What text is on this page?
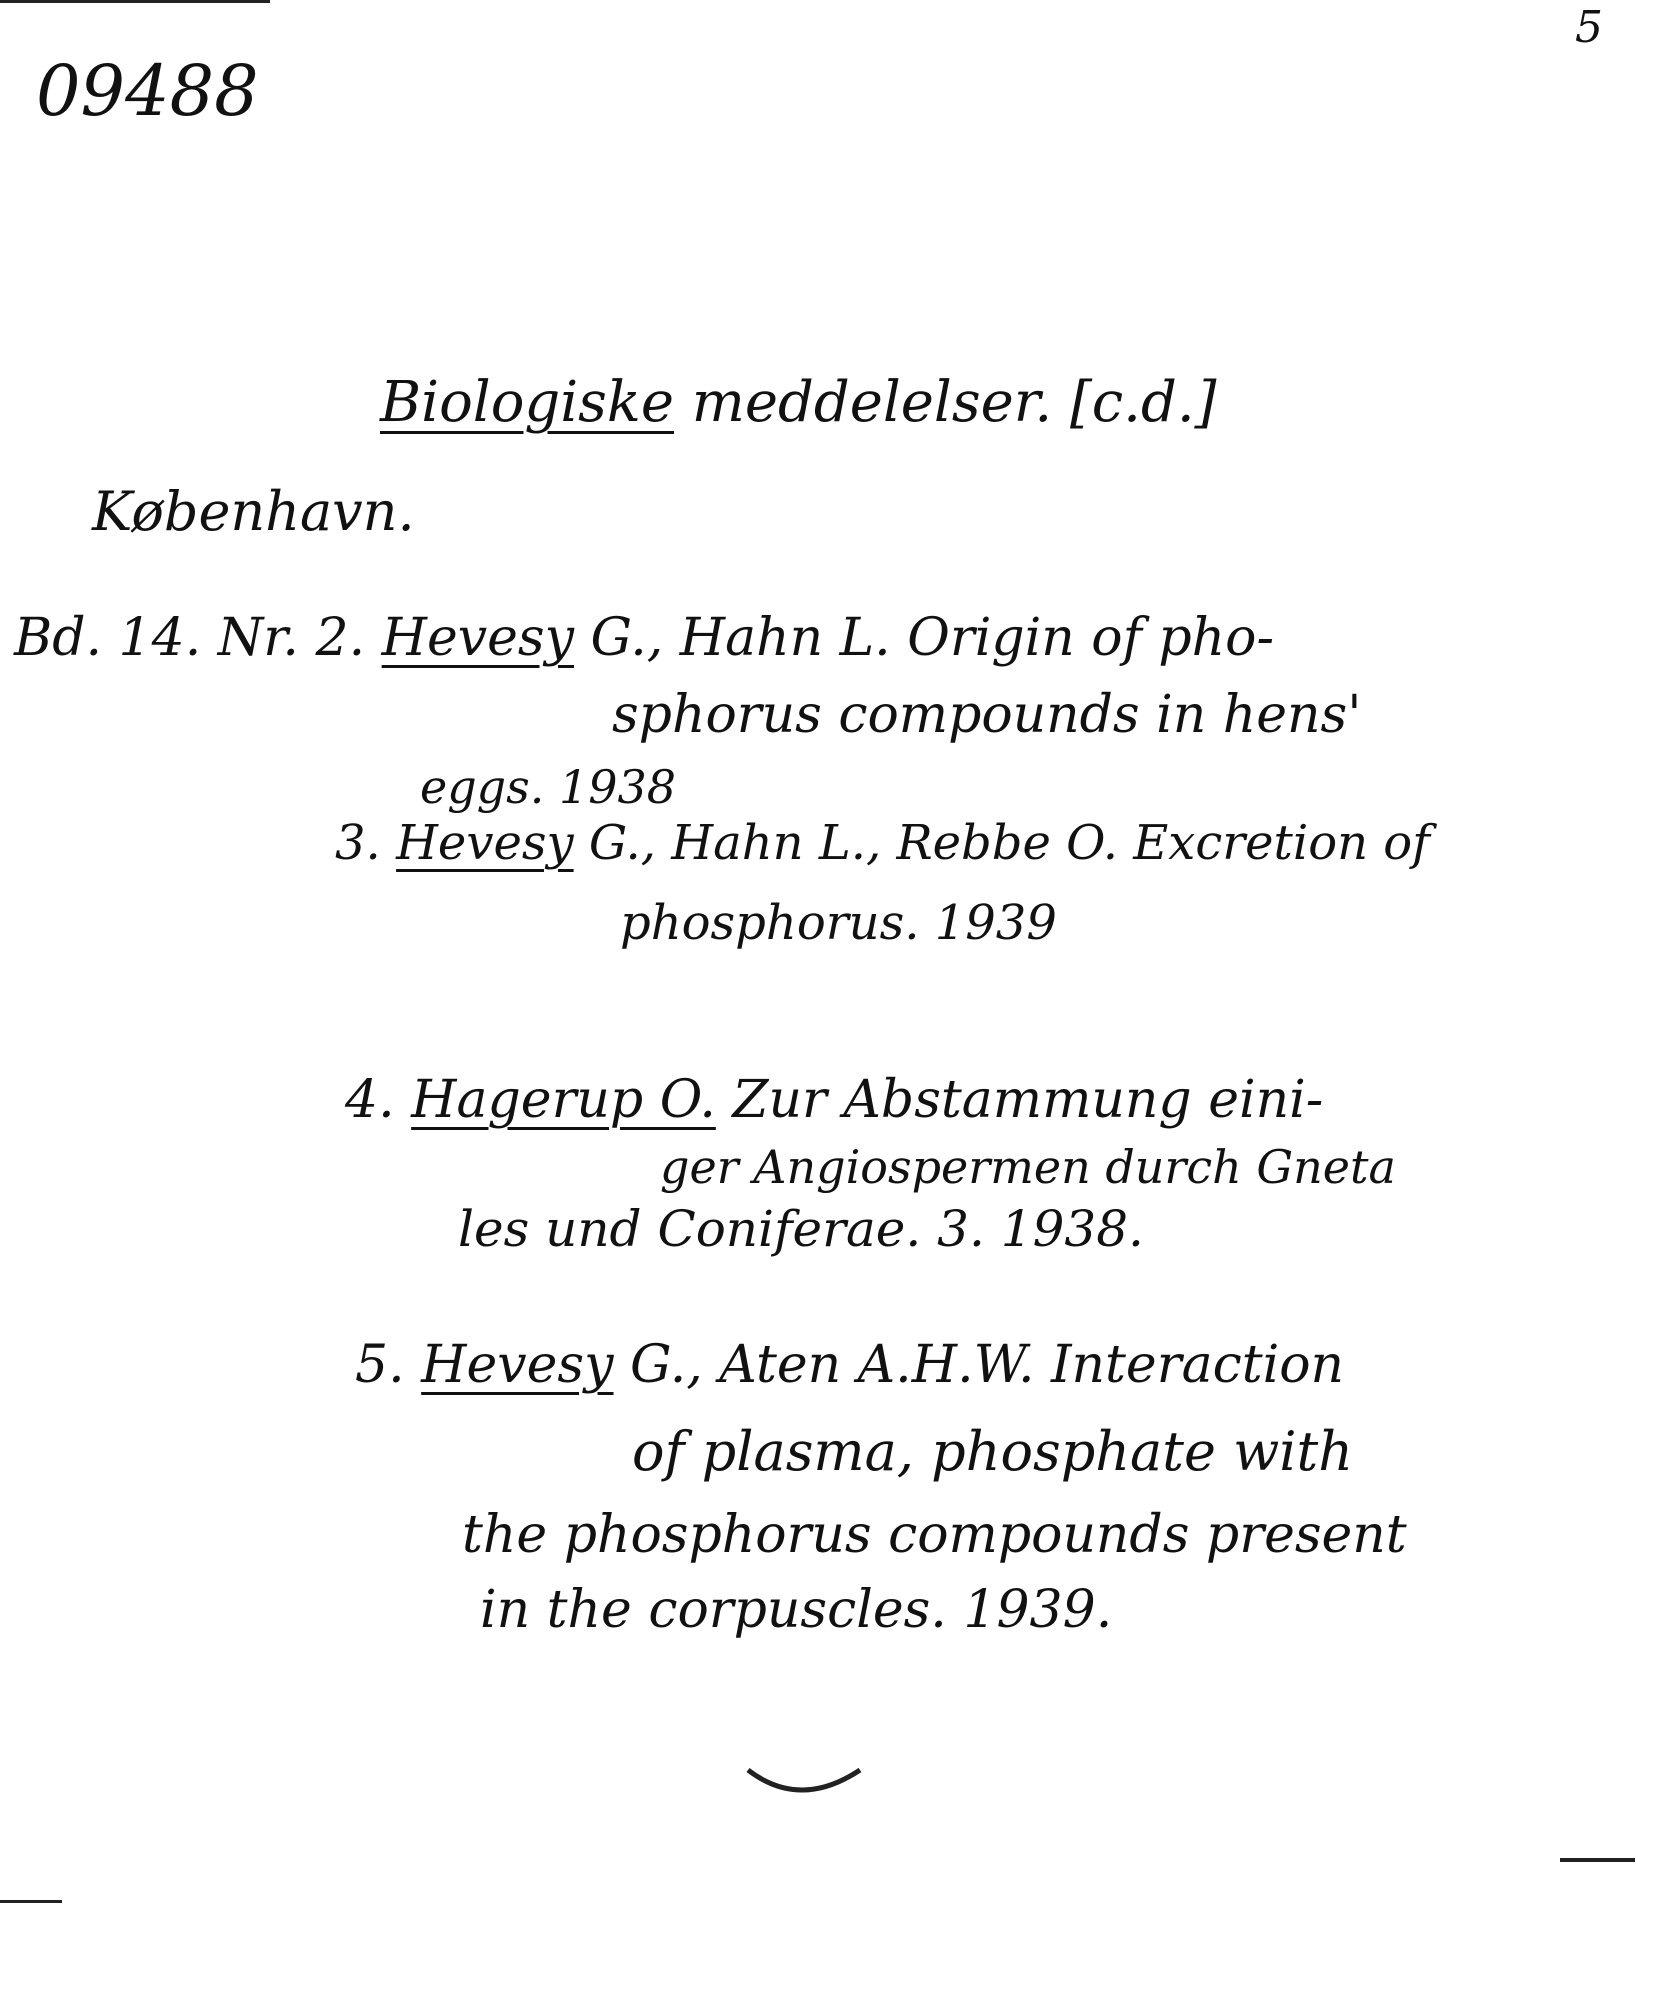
09488
5
Biologiske meddelelser. [c.d.]
København.
Bd. 14. Nr. 2. Hevesy G., Hahn L. Origin of pho-
sphorus compounds in hens'
eggs. 1938
3. Hevesy G., Hahn L., Rebbe O. Excretion of
phosphorus. 1939
4. Hagerup O. Zur Abstammung eini-
ger Angiospermen durch Gneta
les und Coniferae. 3. 1938.
5. Hevesy G., Aten A.H.W. Interaction
of plasma, phosphate with
the phosphorus compounds present
in the corpuscles. 1939.
